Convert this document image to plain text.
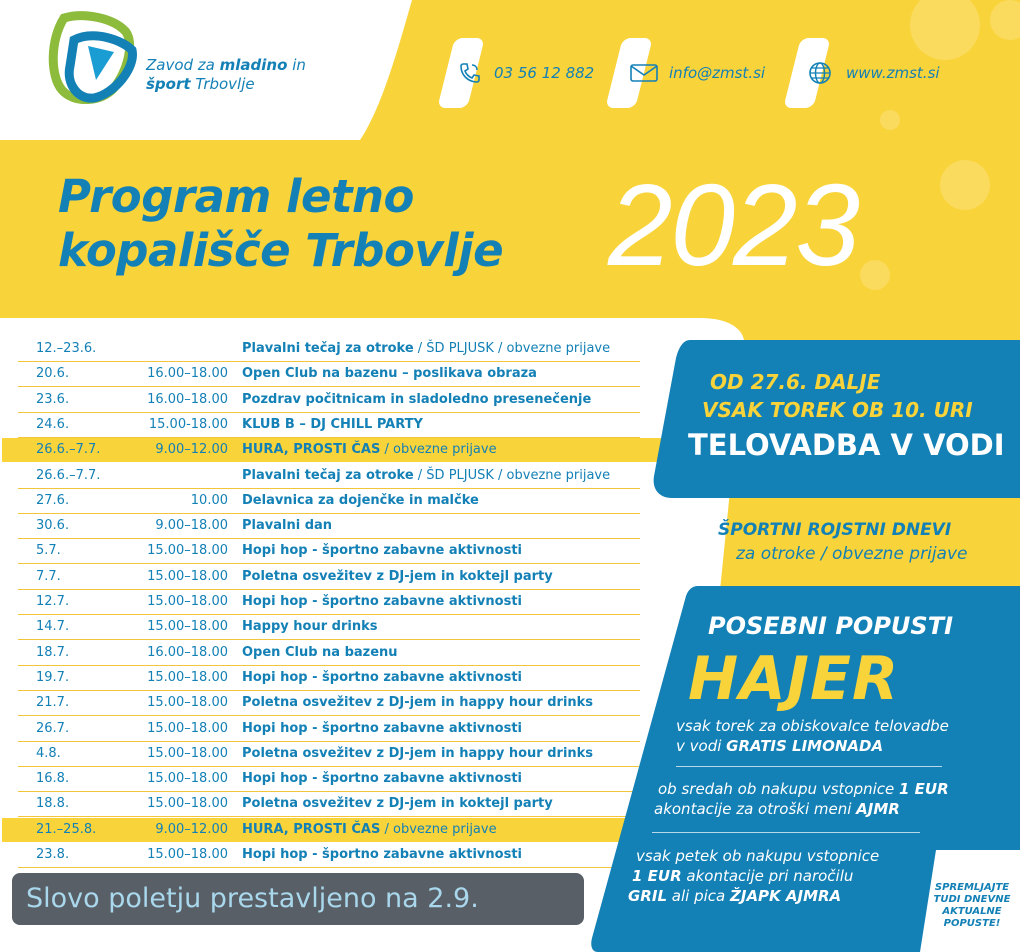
Zavod za mladino in
šport Trbovlje
03 56 12 882	info@zmst.si	www.zmst.si
Program letno
kopališče Trbovlje 2023
12.–23.6.	Plavalni tečaj za otroke / ŠD PLJUSK / obvezne prijave
20.6.	16.00–18.00 Open Club na bazenu – poslikava obraza
23.6.	16.00–18.00 Pozdrav počitnicam in sladoledno presenečenje
24.6.	15.00-18.00 KLUB B – DJ CHILL PARTY
26.6.–7.7.	9.00–12.00 HURA, PROSTI ČAS / obvezne prijave
26.6.–7.7.	Plavalni tečaj za otroke / ŠD PLJUSK / obvezne prijave
27.6.	10.00 Delavnica za dojenčke in malčke
30.6.	9.00–18.00 Plavalni dan
5.7.	15.00–18.00 Hopi hop - športno zabavne aktivnosti
7.7.	15.00–18.00 Poletna osvežitev z DJ-jem in koktejl party
12.7.	15.00–18.00 Hopi hop - športno zabavne aktivnosti
14.7.	15.00–18.00 Happy hour drinks
18.7.	16.00–18.00 Open Club na bazenu
19.7.	15.00–18.00 Hopi hop - športno zabavne aktivnosti
21.7.	15.00–18.00 Poletna osvežitev z DJ-jem in happy hour drinks
26.7.	15.00–18.00 Hopi hop - športno zabavne aktivnosti
4.8.	15.00–18.00 Poletna osvežitev z DJ-jem in happy hour drinks
16.8.	15.00–18.00 Hopi hop - športno zabavne aktivnosti
18.8.	15.00–18.00 Poletna osvežitev z DJ-jem in koktejl party
21.–25.8.	9.00–12.00 HURA, PROSTI ČAS / obvezne prijave
23.8.	15.00–18.00 Hopi hop - športno zabavne aktivnosti
OD 27.6. DALJE
VSAK TOREK OB 10. URI
TELOVADBA V VODI
ŠPORTNI ROJSTNI DNEVI
za otroke / obvezne prijave
POSEBNI POPUSTI
HAJER
vsak torek za obiskovalce telovadbe
v vodi GRATIS LIMONADA
ob sredah ob nakupu vstopnice 1 EUR
akontacije za otroški meni AJMR
vsak petek ob nakupu vstopnice
1 EUR akontacije pri naročilu
GRIL ali pica ŽJAPK AJMRA	SPREMLJAJTE
TUDI DNEVNE
AKTUALNE
POPUSTE!
Slovo poletju prestavljeno na 2.9.
